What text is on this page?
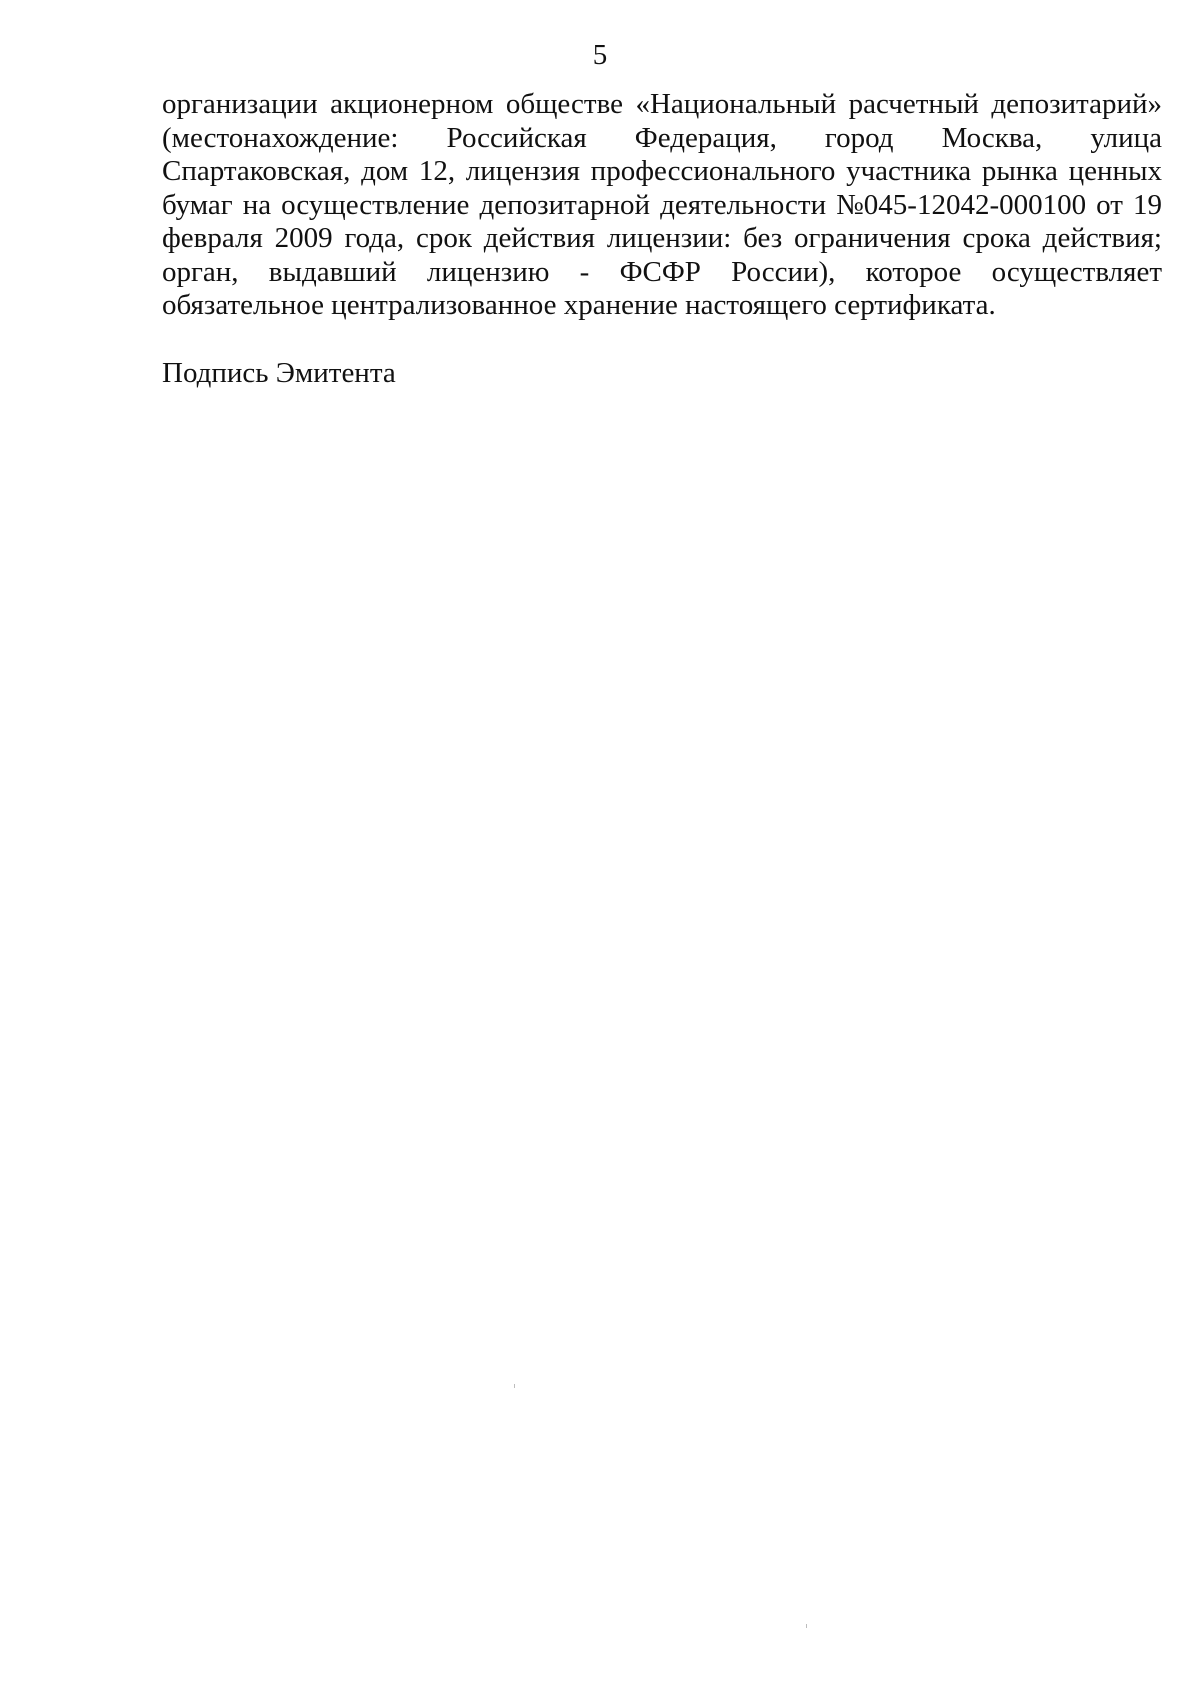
5
организации акционерном обществе «Национальный расчетный депозитарий»
(местонахождение: Российская Федерация, город Москва, улица
Спартаковская, дом 12, лицензия профессионального участника рынка ценных
бумаг на осуществление депозитарной деятельности №045-12042-000100 от 19
февраля 2009 года, срок действия лицензии: без ограничения срока действия;
орган, выдавший лицензию - ФСФР России), которое осуществляет
обязательное централизованное хранение настоящего сертификата.

Подпись Эмитента
